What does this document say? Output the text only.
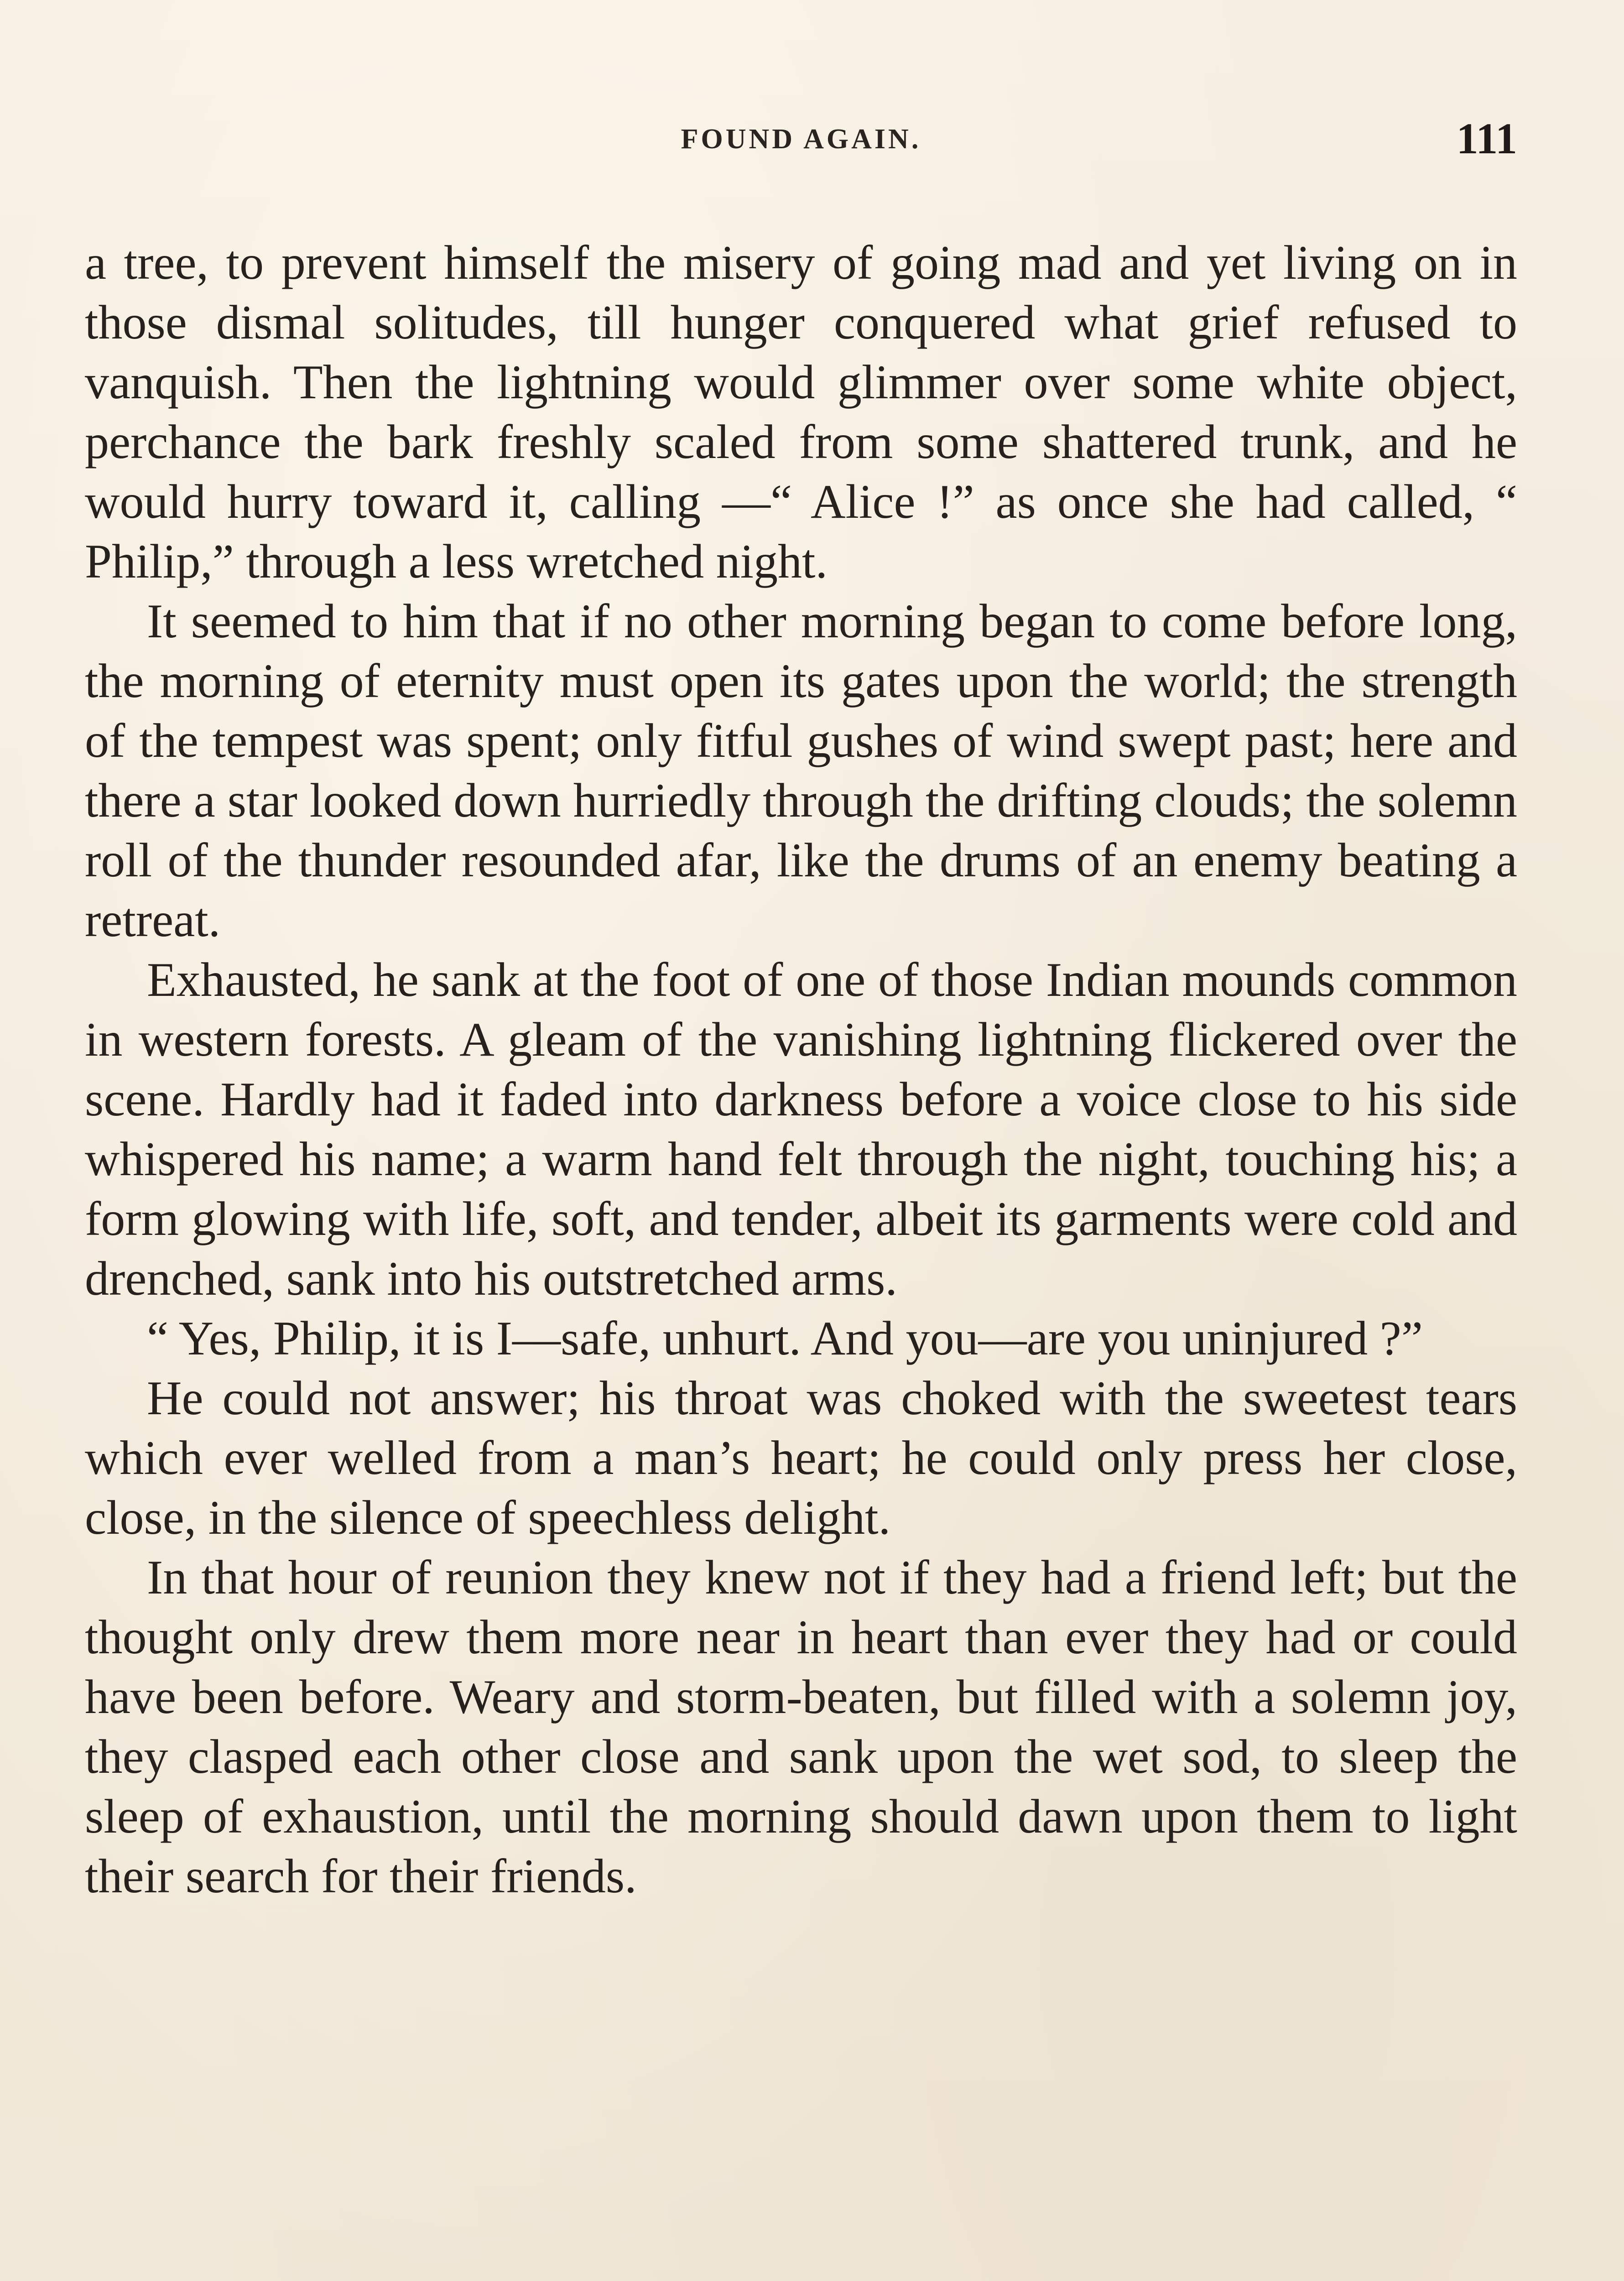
FOUND AGAIN.	111

a tree, to prevent himself the misery of going mad and yet living on in those dismal solitudes, till hunger conquered what grief refused to vanquish. Then the lightning would glimmer over some white object, perchance the bark freshly scaled from some shattered trunk, and he would hurry toward it, calling —“ Alice !” as once she had called, “ Philip,” through a less wretched night.

It seemed to him that if no other morning began to come before long, the morning of eternity must open its gates upon the world; the strength of the tempest was spent; only fitful gushes of wind swept past; here and there a star looked down hurriedly through the drifting clouds; the solemn roll of the thunder resounded afar, like the drums of an enemy beating a retreat.

Exhausted, he sank at the foot of one of those Indian mounds common in western forests. A gleam of the vanishing lightning flickered over the scene. Hardly had it faded into darkness before a voice close to his side whispered his name; a warm hand felt through the night, touching his; a form glowing with life, soft, and tender, albeit its garments were cold and drenched, sank into his outstretched arms.

“ Yes, Philip, it is I—safe, unhurt. And you—are you uninjured ?”

He could not answer; his throat was choked with the sweetest tears which ever welled from a man’s heart; he could only press her close, close, in the silence of speechless delight.

In that hour of reunion they knew not if they had a friend left; but the thought only drew them more near in heart than ever they had or could have been before. Weary and storm-beaten, but filled with a solemn joy, they clasped each other close and sank upon the wet sod, to sleep the sleep of exhaustion, until the morning should dawn upon them to light their search for their friends.
